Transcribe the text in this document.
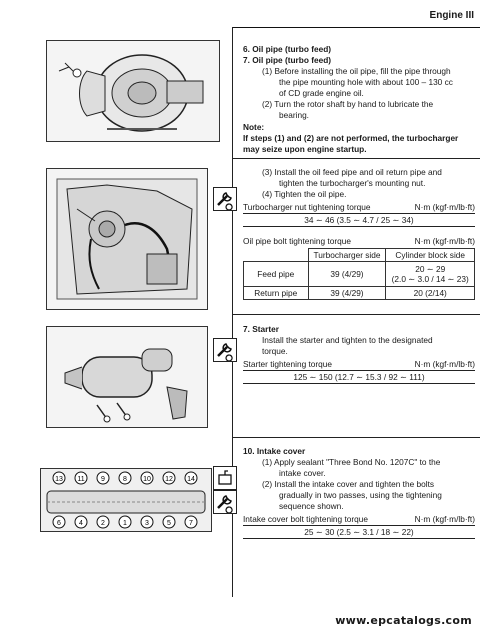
Engine III
6. Oil pipe (turbo feed)
7. Oil pipe (turbo feed)
(1) Before installing the oil pipe, fill the pipe through
the pipe mounting hole with about 100 – 130 cc
of CD grade engine oil.
(2) Turn the rotor shaft by hand to lubricate the
bearing.
Note:
If steps (1) and (2) are not performed, the turbocharger
may seize upon engine startup.
(3) Install the oil feed pipe and oil return pipe and
tighten the turbocharger's mounting nut.
(4) Tighten the oil pipe.
Turbocharger nut tightening torque	N·m (kgf·m/lb·ft)
34 ∼ 46 (3.5 ∼ 4.7 / 25 ∼ 34)
Oil pipe bolt tightening torque	N·m (kgf·m/lb·ft)
	Turbocharger side	Cylinder block side
Feed pipe	39 (4/29)	20 ∼ 29
(2.0 ∼ 3.0 / 14 ∼ 23)

Return pipe	39 (4/29)	20 (2/14)
7. Starter
Install the starter and tighten to the designated
torque.
Starter tightening torque	N·m (kgf·m/lb·ft)
125 ∼ 150 (12.7 ∼ 15.3 / 92 ∼ 111)
13 11 9	8 10 12 14
6	4	2	1	3	5	7
10. Intake cover
(1) Apply sealant "Three Bond No. 1207C" to the
intake cover.
(2) Install the intake cover and tighten the bolts
gradually in two passes, using the tightening
sequence shown.
Intake cover bolt tightening torque	N·m (kgf·m/lb·ft)
25 ∼ 30 (2.5 ∼ 3.1 / 18 ∼ 22)
www.epcatalogs.com
